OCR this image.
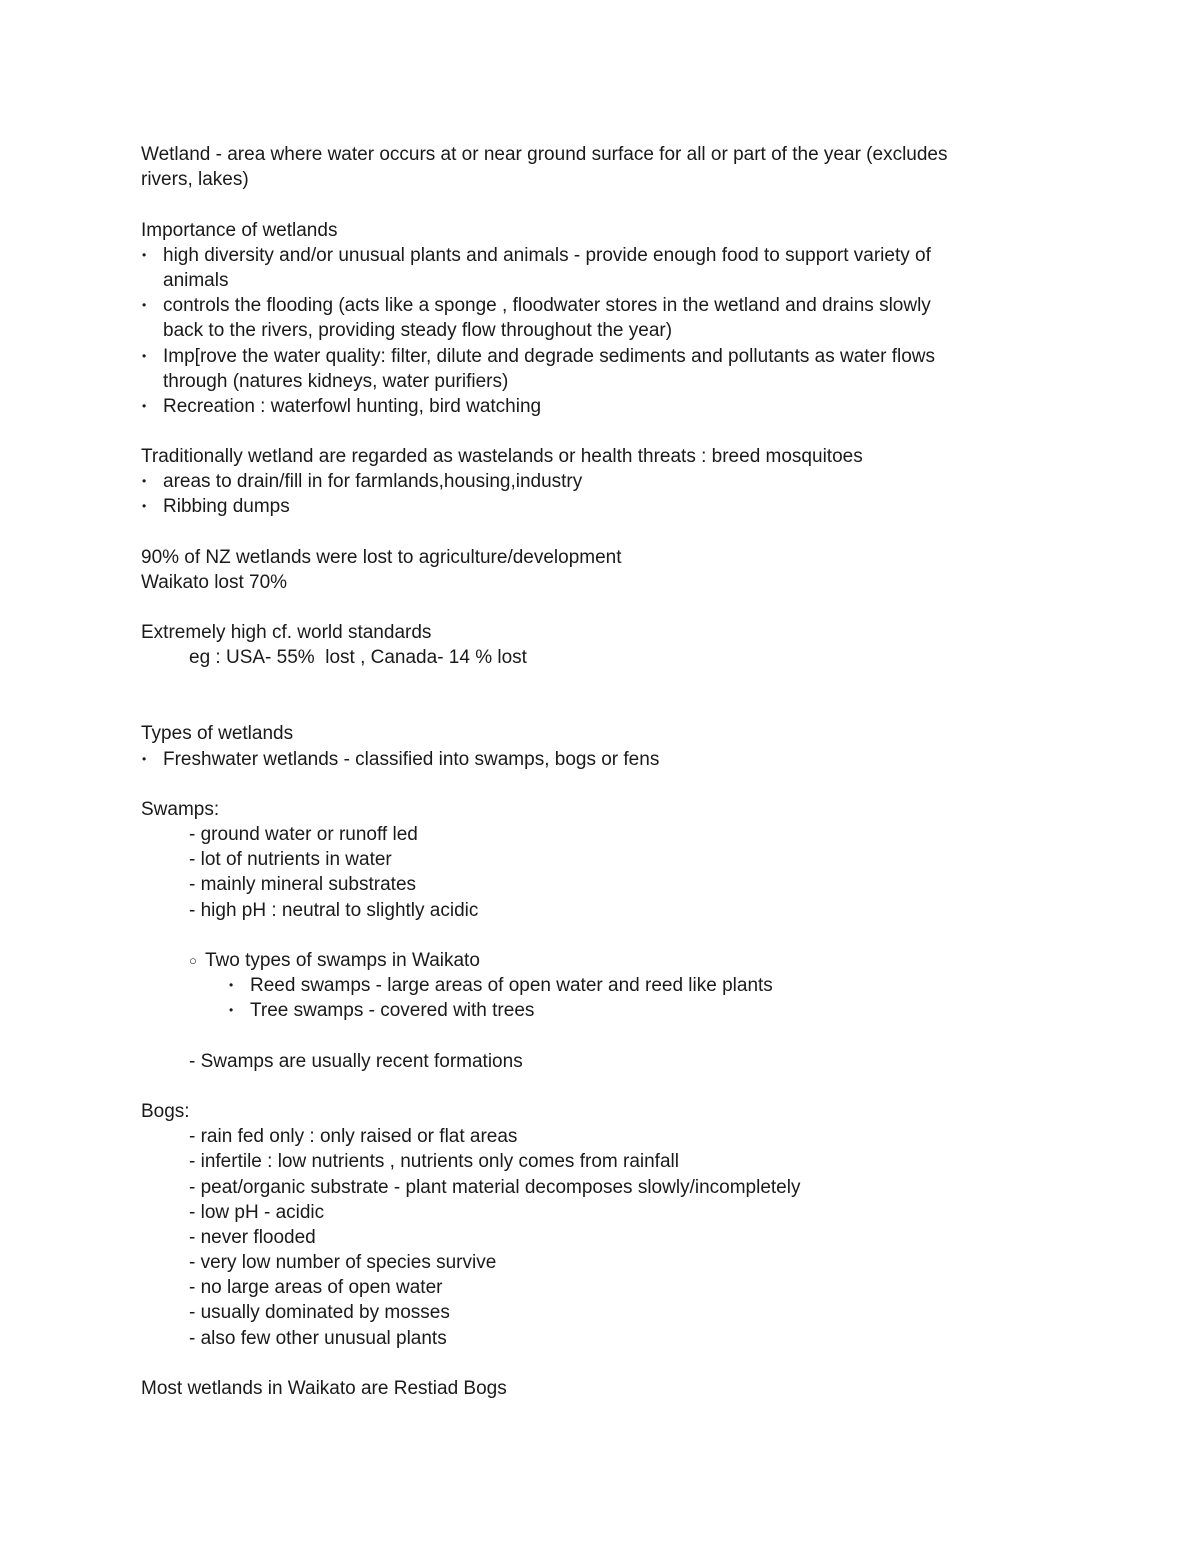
Wetland - area where water occurs at or near ground surface for all or part of the year (excludes
rivers, lakes)
Importance of wetlands
• high diversity and/or unusual plants and animals - provide enough food to support variety of
animals
• controls the flooding (acts like a sponge , floodwater stores in the wetland and drains slowly
back to the rivers, providing steady flow throughout the year)
• Imp[rove the water quality: filter, dilute and degrade sediments and pollutants as water flows
through (natures kidneys, water purifiers)
• Recreation : waterfowl hunting, bird watching
Traditionally wetland are regarded as wastelands or health threats : breed mosquitoes
• areas to drain/fill in for farmlands,housing,industry
• Ribbing dumps
90% of NZ wetlands were lost to agriculture/development
Waikato lost 70%
Extremely high cf. world standards
eg : USA- 55%  lost , Canada- 14 % lost
Types of wetlands
• Freshwater wetlands - classified into swamps, bogs or fens
Swamps:
- ground water or runoff led
- lot of nutrients in water
- mainly mineral substrates
- high pH : neutral to slightly acidic
○ Two types of swamps in Waikato
• Reed swamps - large areas of open water and reed like plants
• Tree swamps - covered with trees
- Swamps are usually recent formations
Bogs:
- rain fed only : only raised or flat areas
- infertile : low nutrients , nutrients only comes from rainfall
- peat/organic substrate - plant material decomposes slowly/incompletely
- low pH - acidic
- never flooded
- very low number of species survive
- no large areas of open water
- usually dominated by mosses
- also few other unusual plants
Most wetlands in Waikato are Restiad Bogs
